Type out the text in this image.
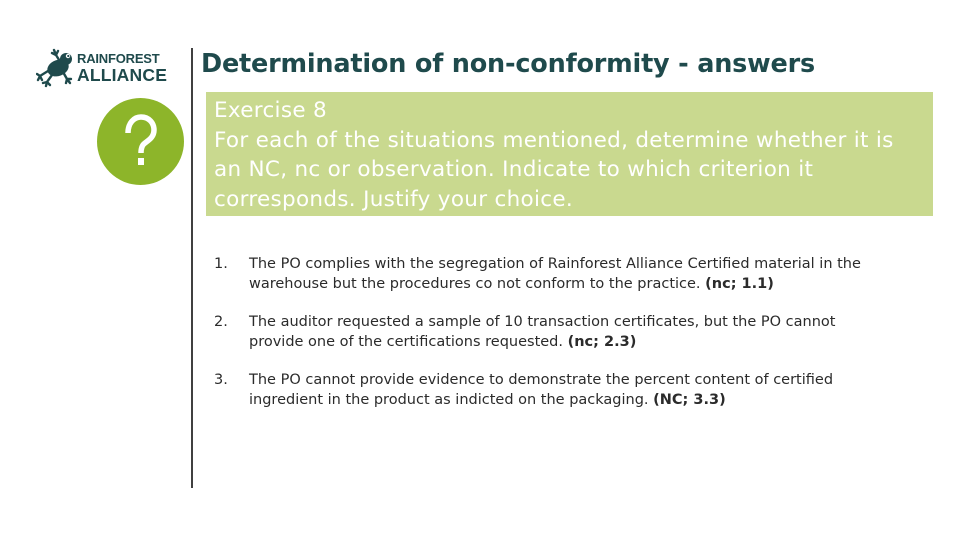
RAINFOREST
ALLIANCE Determination of non-conformity - answers
Exercise 8
For each of the situations mentioned, determine whether it is an NC, nc or observation. Indicate to which criterion it corresponds. Justify your choice.
1. The PO complies with the segregation of Rainforest Alliance Certified material in the warehouse but the procedures co not conform to the practice. (nc; 1.1)
2. The auditor requested a sample of 10 transaction certificates, but the PO cannot provide one of the certifications requested. (nc; 2.3)
3. The PO cannot provide evidence to demonstrate the percent content of certified ingredient in the product as indicted on the packaging. (NC; 3.3)
